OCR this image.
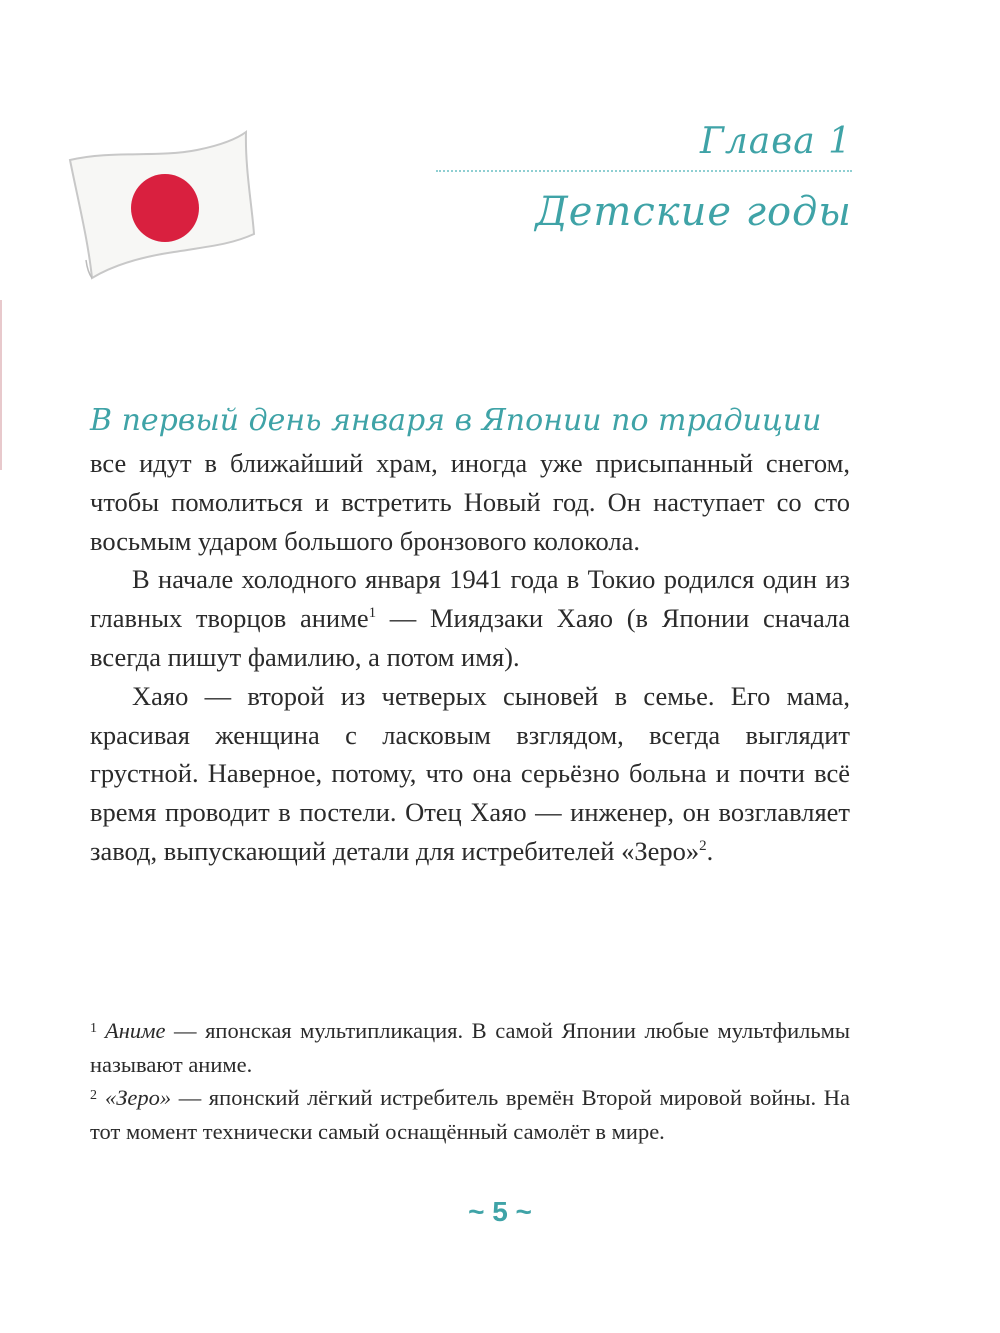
Глава 1
Детские годы
В первый день января в Японии по традиции

все идут в ближайший храм, иногда уже присыпанный снегом, чтобы помолиться и встретить Новый год. Он наступает со сто восьмым ударом большого бронзового колокола.

В начале холодного января 1941 года в Токио родился один из главных творцов аниме$^1$ — Миядзаки Хаяо (в Японии сначала всегда пишут фамилию, а потом имя).

Хаяо — второй из четверых сыновей в семье. Его мама, красивая женщина с ласковым взглядом, всегда выглядит грустной. Наверное, потому, что она серьёзно больна и почти всё время проводит в постели. Отец Хаяо — инженер, он возглавляет завод, выпускающий детали для истребителей «Зеро»$^2$.

$^1$ Аниме — японская мультипликация. В самой Японии любые мультфильмы называют аниме.

$^2$ «Зеро» — японский лёгкий истребитель времён Второй мировой войны. На тот момент технически самый оснащённый самолёт в мире.

~ 5 ~
